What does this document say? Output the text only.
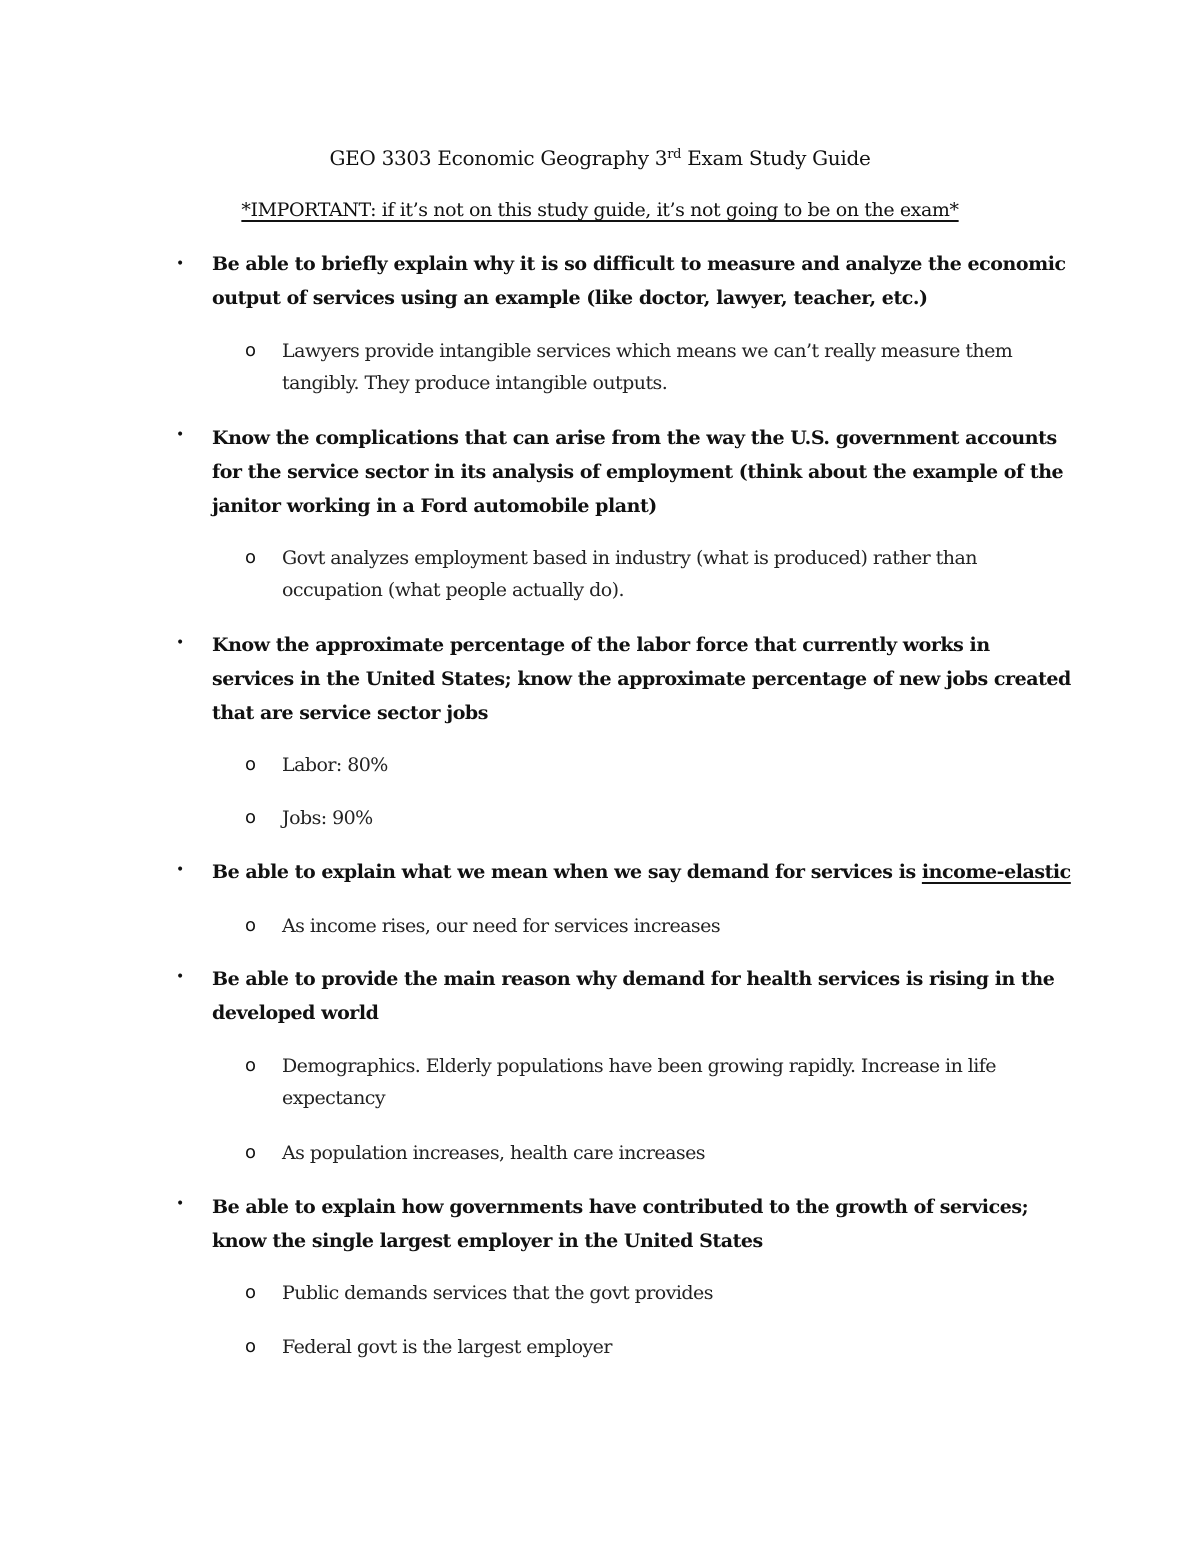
GEO 3303 Economic Geography 3rd Exam Study Guide
*IMPORTANT: if it’s not on this study guide, it’s not going to be on the exam*
• Be able to briefly explain why it is so difficult to measure and analyze the economic output of services using an example (like doctor, lawyer, teacher, etc.)

o Lawyers provide intangible services which means we can’t really measure them tangibly. They produce intangible outputs.

• Know the complications that can arise from the way the U.S. government accounts for the service sector in its analysis of employment (think about the example of the janitor working in a Ford automobile plant)

o Govt analyzes employment based in industry (what is produced) rather than occupation (what people actually do).

• Know the approximate percentage of the labor force that currently works in services in the United States; know the approximate percentage of new jobs created that are service sector jobs

o Labor: 80%

o Jobs: 90%

• Be able to explain what we mean when we say demand for services is income-elastic

o As income rises, our need for services increases

• Be able to provide the main reason why demand for health services is rising in the developed world

o Demographics. Elderly populations have been growing rapidly. Increase in life expectancy

o As population increases, health care increases

• Be able to explain how governments have contributed to the growth of services; know the single largest employer in the United States

o Public demands services that the govt provides

o Federal govt is the largest employer
